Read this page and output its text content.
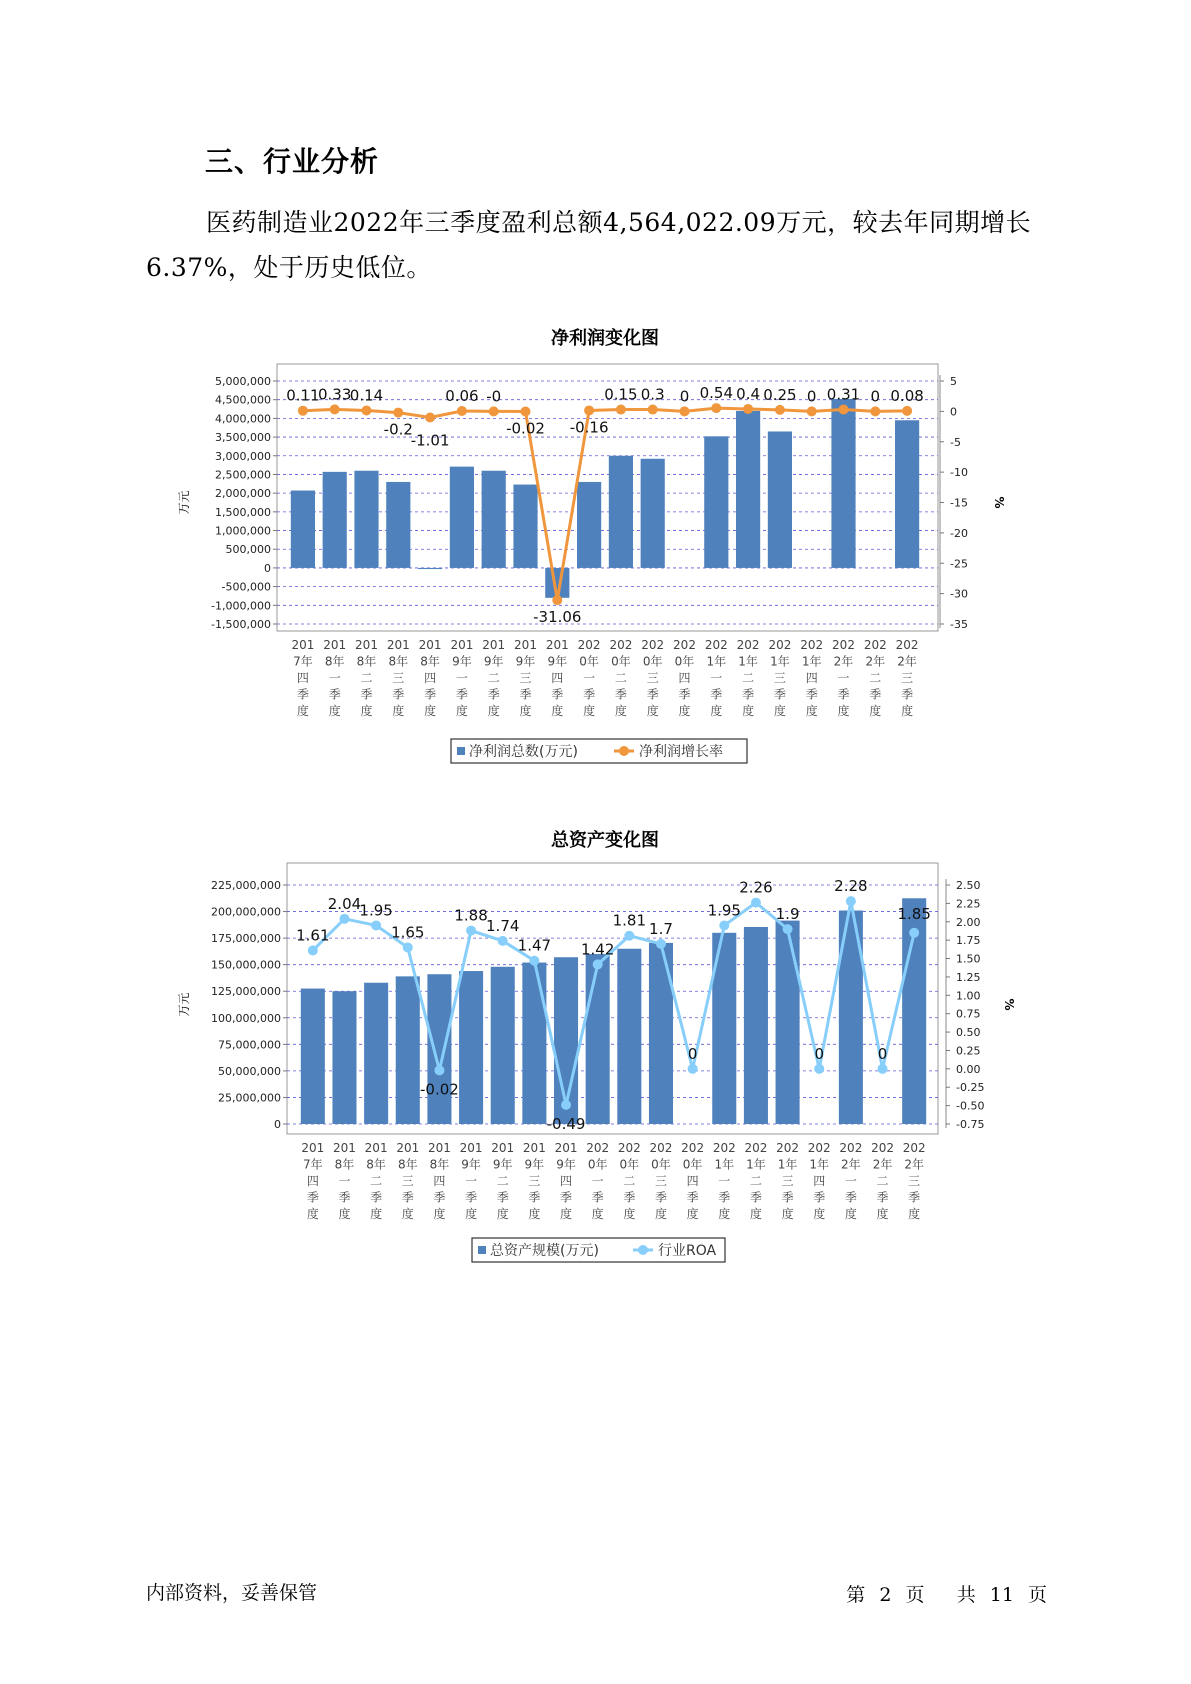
三、行业分析
医药制造业2022年三季度盈利总额4,564,022.09万元，较去年同期增长6.37%，处于历史低位。
净利润变化图
5,000,000
4,500,000
4,000,000
3,500,000
3,000,000
2,500,000
2,000,000
1,500,000
1,000,000
500,000
0
-500,000
-1,000,000
-1,500,000
5
0
-5
-10
-15
-20
-25
-30
-35
万元	%
0.11
0.33
0.14
-0.2
-1.01
0.06 -0
-0.02
-31.06
-0.16
0.15 0.3 0 0.54 0.4 0.25 0 0.31 0 0.08
201
7年
四
季
度
201
8年
一
季
度
201
8年
二
季
度
201
8年
三
季
度
201
8年
四
季
度
201
9年
一
季
度
201
9年
二
季
度
201
9年
三
季
度
201
9年
四
季
度
202
0年
一
季
度
202
0年
二
季
度
202
0年
三
季
度
202
0年
四
季
度
202
1年
一
季
度
202
1年
二
季
度
202
1年
三
季
度
202
1年
四
季
度
202
2年
一
季
度
202
2年
二
季
度
202
2年
三
季
度
净利润总数(万元)	净利润增长率
225,000,000
200,000,000
175,000,000
150,000,000
125,000,000
100,000,000
75,000,000
50,000,000
25,000,000
0
2.50
2.25
2.00
1.75
1.50
1.25
1.00
0.75
0.50
0.25
0.00
-0.25
-0.50
-0.75
万元	%
1.61
2.04
1.95
1.65
-0.02
1.88
1.74
1.47
-0.49
1.42
1.81 1.7
0
1.95
2.26
1.9
0
2.28
0
1.85
201
7年
四
季
度
201
8年
一
季
度
201
8年
二
季
度
201
8年
三
季
度
201
8年
四
季
度
201
9年
一
季
度
201
9年
二
季
度
201
9年
三
季
度
201
9年
四
季
度
202
0年
一
季
度
202
0年
二
季
度
202
0年
三
季
度
202
0年
四
季
度
202
1年
一
季
度
202
1年
二
季
度
202
1年
三
季
度
202
1年
四
季
度
202
2年
一
季
度
202
2年
二
季
度
202
2年
三
季
度
总资产规模(万元)	行业ROA
总资产变化图
内部资料，妥善保管	第 2 页 共 11 页
